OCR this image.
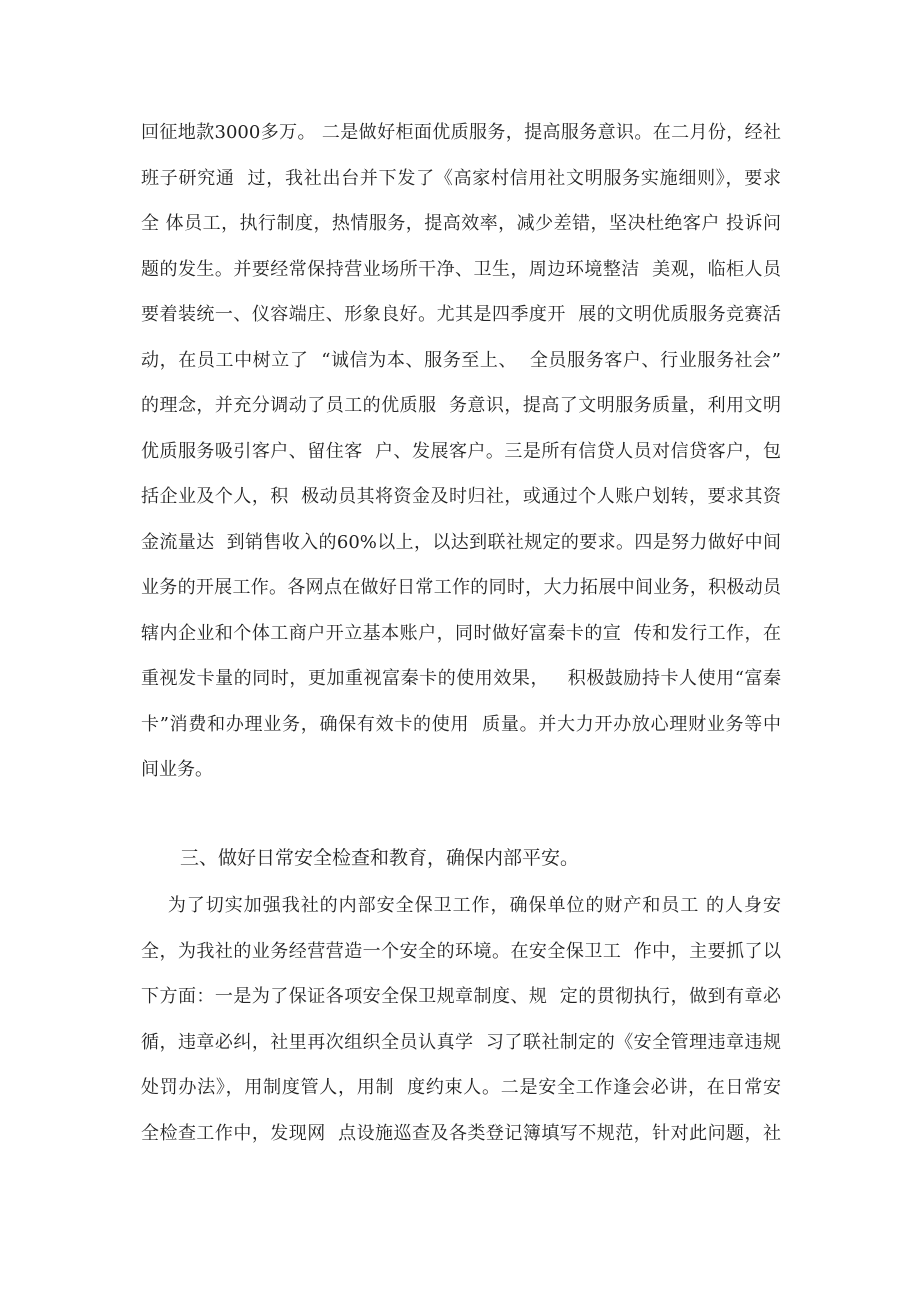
回征地款3000多万。 二是做好柜面优质服务，提高服务意识。在二月份，经社
班子研究通  过，我社出台并下发了《高家村信用社文明服务实施细则》，要求
全 体员工，执行制度，热情服务，提高效率，减少差错，坚决杜绝客户 投诉问
题的发生。并要经常保持营业场所干净、卫生，周边环境整洁  美观，临柜人员
要着装统一、仪容端庄、形象良好。尤其是四季度开  展的文明优质服务竞赛活
动，在员工中树立了  “诚信为本、服务至上、  全员服务客户、行业服务社会”
的理念，并充分调动了员工的优质服  务意识，提高了文明服务质量，利用文明
优质服务吸引客户、留住客  户、发展客户。三是所有信贷人员对信贷客户，包
括企业及个人，积  极动员其将资金及时归社，或通过个人账户划转，要求其资
金流量达  到销售收入的60%以上，以达到联社规定的要求。四是努力做好中间
业务的开展工作。各网点在做好日常工作的同时，大力拓展中间业务，积极动员
辖内企业和个体工商户开立基本账户，同时做好富秦卡的宣  传和发行工作，在
重视发卡量的同时，更加重视富秦卡的使用效果，   积极鼓励持卡人使用“富秦
卡”消费和办理业务，确保有效卡的使用  质量。并大力开办放心理财业务等中
间业务。
三、做好日常安全检查和教育，确保内部平安。
为了切实加强我社的内部安全保卫工作，确保单位的财产和员工 的人身安
全，为我社的业务经营营造一个安全的环境。在安全保卫工  作中，主要抓了以
下方面：一是为了保证各项安全保卫规章制度、规  定的贯彻执行，做到有章必
循，违章必纠，社里再次组织全员认真学  习了联社制定的《安全管理违章违规
处罚办法》，用制度管人，用制  度约束人。二是安全工作逢会必讲，在日常安
全检查工作中，发现网  点设施巡查及各类登记簿填写不规范，针对此问题，社
